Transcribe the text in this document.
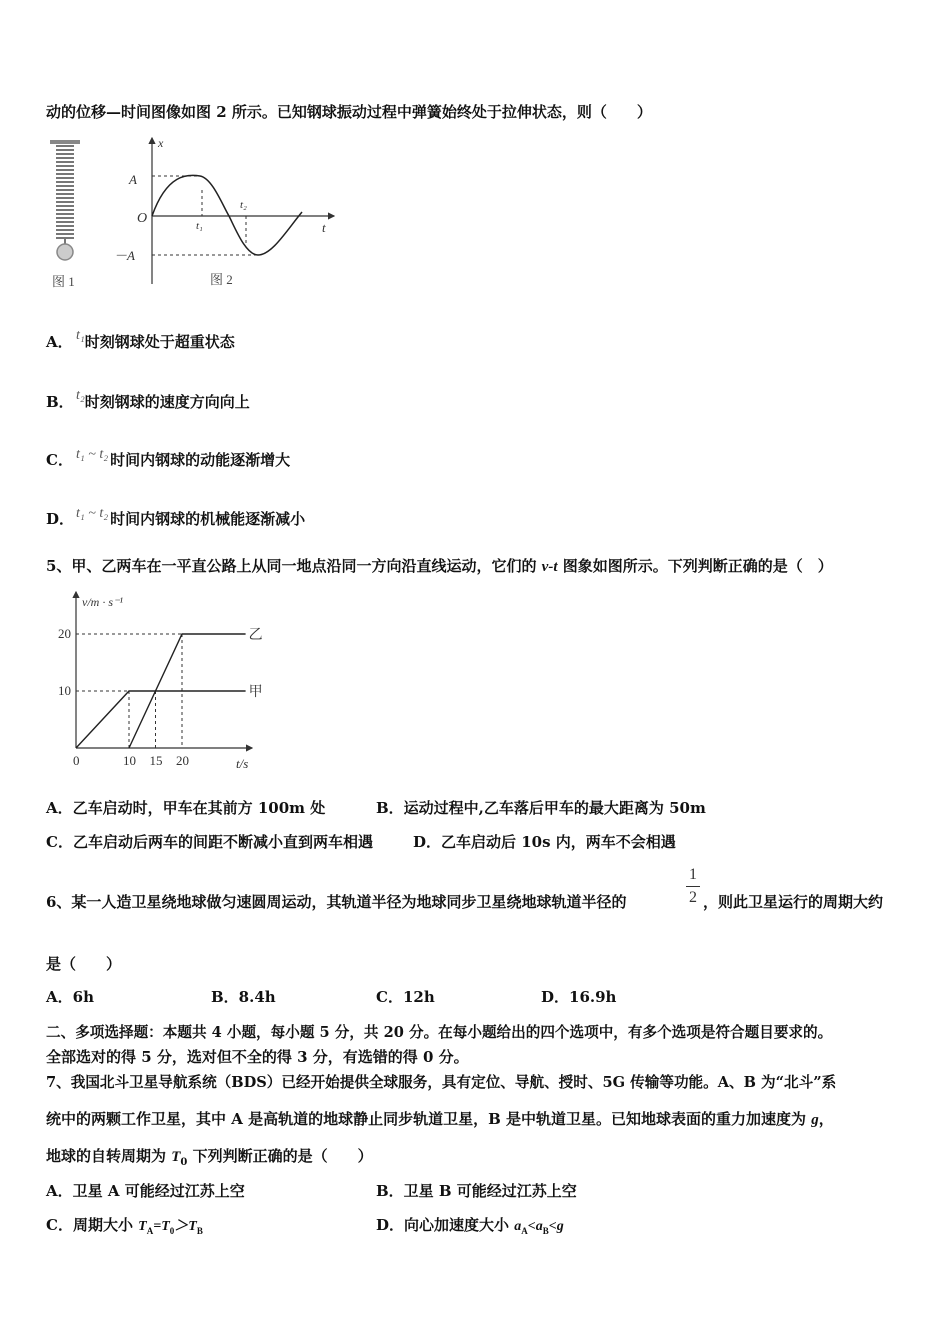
动的位移—时间图像如图 2 所示。已知钢球振动过程中弹簧始终处于拉伸状态，则（　　）
图 1
x
t
O
A
－A
t₁
t₂
图 2
A． t₁时刻钢球处于超重状态
B． t₂时刻钢球的速度方向向上
C． t₁ ~ t₂ 时间内钢球的动能逐渐增大
D． t₁ ~ t₂ 时间内钢球的机械能逐渐减小
5、甲、乙两车在一平直公路上从同一地点沿同一方向沿直线运动，它们的 v-t 图象如图所示。下列判断正确的是（　）
v/m · s⁻¹
t/s
0	10 15 20
10
20
甲
乙
A．乙车启动时，甲车在其前方 100m 处	B．运动过程中,乙车落后甲车的最大距离为 50m
C．乙车启动后两车的间距不断减小直到两车相遇	D．乙车启动后 10s 内，两车不会相遇
6、某一人造卫星绕地球做匀速圆周运动，其轨道半径为地球同步卫星绕地球轨道半径的
1
2 ，则此卫星运行的周期大约
是（　　）
A．6h	B．8.4h	C．12h	D．16.9h
二、多项选择题：本题共 4 小题，每小题 5 分，共 20 分。在每小题给出的四个选项中，有多个选项是符合题目要求的。
全部选对的得 5 分，选对但不全的得 3 分，有选错的得 0 分。
7、我国北斗卫星导航系统（BDS）已经开始提供全球服务，具有定位、导航、授时、5G 传输等功能。A、B 为“北斗”系
统中的两颗工作卫星，其中 A 是高轨道的地球静止同步轨道卫星，B 是中轨道卫星。已知地球表面的重力加速度为 g，
地球的自转周期为 $T_0$ 下列判断正确的是（　　）
A．卫星 A 可能经过江苏上空	B．卫星 B 可能经过江苏上空
C．周期大小 $T_A=T_0>T_B$	D．向心加速度大小 $a_A<a_B<g$
